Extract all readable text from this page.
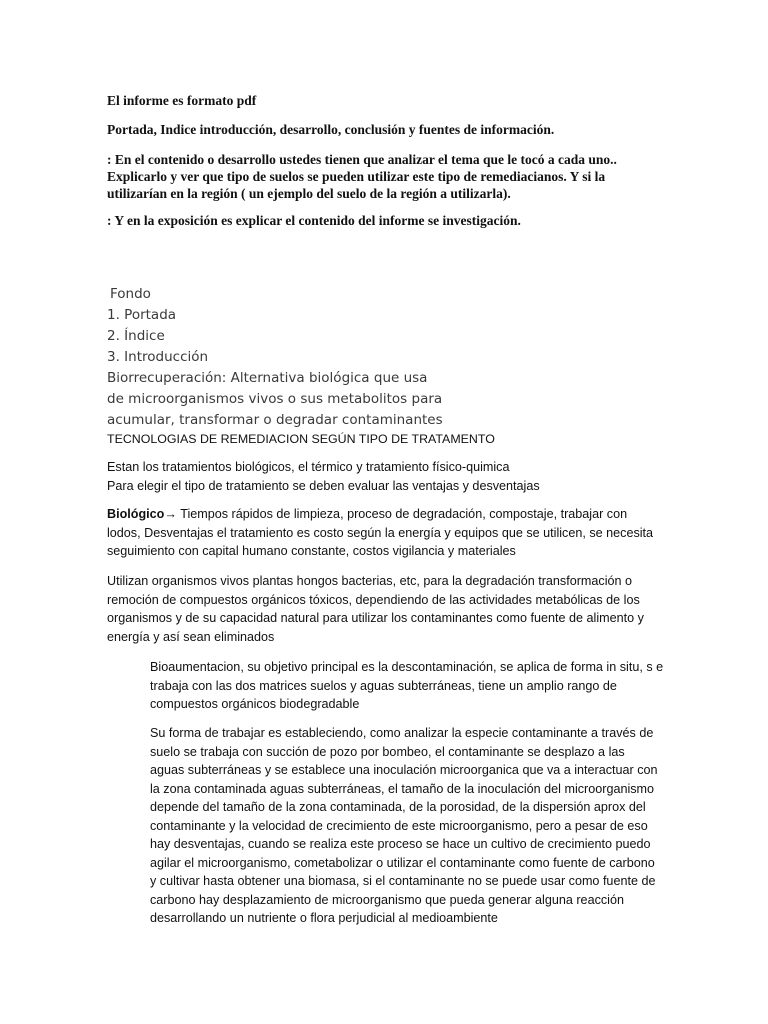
El informe es formato pdf

Portada, Indice introducción, desarrollo, conclusión y fuentes de información.

: En el contenido o desarrollo ustedes tienen que analizar el tema que le tocó a cada uno.. Explicarlo y ver que tipo de suelos se pueden utilizar este tipo de remediacianos. Y si la utilizarían en la región ( un ejemplo del suelo de la región a utilizarla).

: Y en la exposición es explicar el contenido del informe se investigación.

Fondo
1. Portada
2. Índice
3. Introducción
Biorrecuperación: Alternativa biológica que usa
de microorganismos vivos o sus metabolitos para
acumular, transformar o degradar contaminantes

TECNOLOGIAS DE REMEDIACION SEGÚN TIPO DE TRATAMENTO

Estan los tratamientos biológicos, el térmico y tratamiento físico-quimica
Para elegir el tipo de tratamiento se deben evaluar las ventajas y desventajas

Biológico→ Tiempos rápidos de limpieza, proceso de degradación, compostaje, trabajar con lodos, Desventajas el tratamiento es costo según la energía y equipos que se utilicen, se necesita seguimiento con capital humano constante, costos vigilancia y materiales

Utilizan organismos vivos plantas hongos bacterias, etc, para la degradación transformación o remoción de compuestos orgánicos tóxicos, dependiendo de las actividades metabólicas de los organismos y de su capacidad natural para utilizar los contaminantes como fuente de alimento y energía y así sean eliminados

Bioaumentacion, su objetivo principal es la descontaminación, se aplica de forma in situ, s e trabaja con las dos matrices suelos y aguas subterráneas, tiene un amplio rango de compuestos orgánicos biodegradable

Su forma de trabajar es estableciendo, como analizar la especie contaminante a través de suelo se trabaja con succión de pozo por bombeo, el contaminante se desplazo a las aguas subterráneas y se establece una inoculación microorganica que va a interactuar con la zona contaminada aguas subterráneas, el tamaño de la inoculación del microorganismo depende del tamaño de la zona contaminada, de la porosidad, de la dispersión aprox del contaminante y la velocidad de crecimiento de este microorganismo, pero a pesar de eso hay desventajas, cuando se realiza este proceso se hace un cultivo de crecimiento puedo agilar el microorganismo, cometabolizar o utilizar el contaminante como fuente de carbono y cultivar hasta obtener una biomasa, si el contaminante no se puede usar como fuente de carbono hay desplazamiento de microorganismo que pueda generar alguna reacción desarrollando un nutriente o flora perjudicial al medioambiente
